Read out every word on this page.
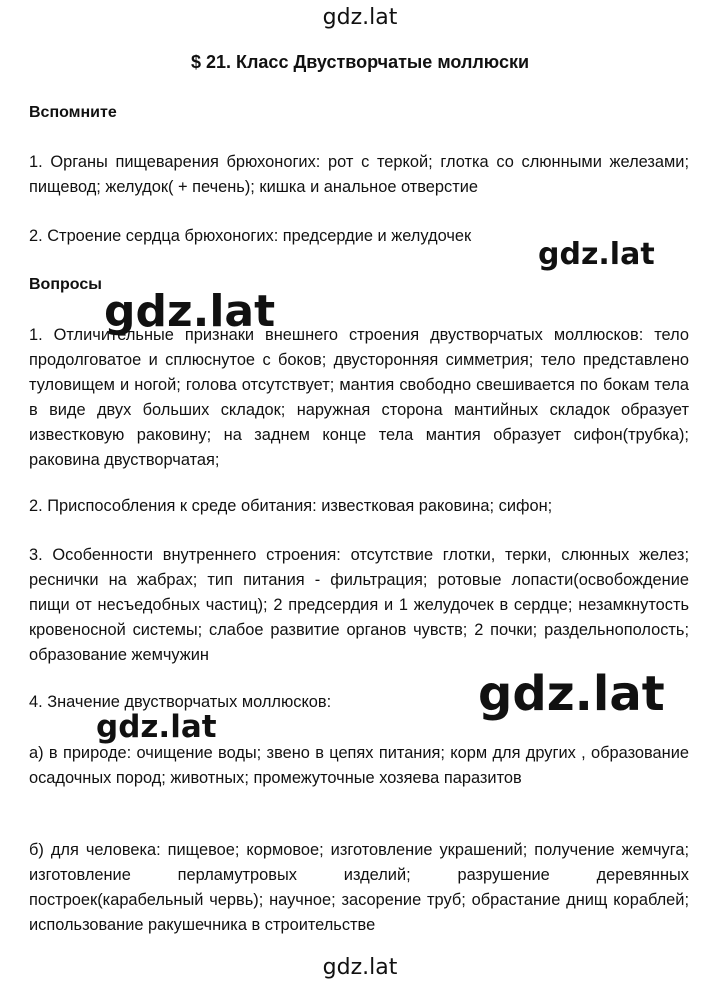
gdz.lat
$ 21. Класс Двустворчатые моллюски
Вспомните

1. Органы пищеварения брюхоногих: рот с теркой; глотка со слюнными железами; пищевод; желудок( + печень); кишка и анальное отверстие

2. Строение сердца брюхоногих: предсердие и желудочек

Вопросы

1. Отличительные признаки внешнего строения двустворчатых моллюсков: тело продолговатое и сплюснутое с боков; двусторонняя симметрия; тело представлено туловищем и ногой; голова отсутствует; мантия свободно свешивается по бокам тела в виде двух больших складок; наружная сторона мантийных складок образует известковую раковину; на заднем конце тела мантия образует сифон(трубка); раковина двустворчатая;

2. Приспособления к среде обитания: известковая раковина; сифон;

3. Особенности внутреннего строения: отсутствие глотки, терки, слюнных желез; реснички на жабрах; тип питания - фильтрация; ротовые лопасти(освобождение пищи от несъедобных частиц); 2 предсердия и 1 желудочек в сердце; незамкнутость кровеносной системы; слабое развитие органов чувств; 2 почки; раздельнополость; образование жемчужин

4. Значение двустворчатых моллюсков:

а) в природе: очищение воды; звено в цепях питания; корм для других , образование осадочных пород; животных; промежуточные хозяева паразитов

б) для человека: пищевое; кормовое; изготовление украшений; получение жемчуга; изготовление перламутровых изделий; разрушение деревянных построек(карабельный червь); научное; засорение труб; обрастание днищ кораблей; использование ракушечника в строительстве

gdz.lat
gdz.lat
gdz.lat
gdz.lat
gdz.lat
